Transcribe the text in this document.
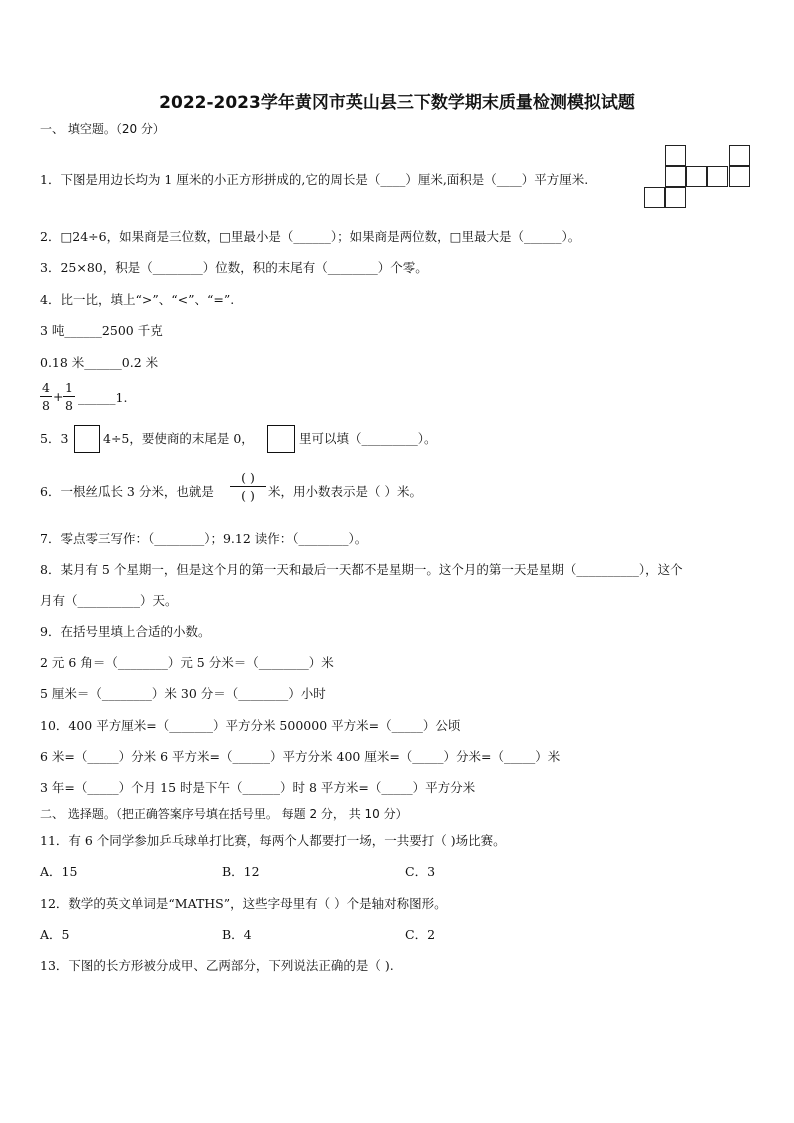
2022-2023学年黄冈市英山县三下数学期末质量检测模拟试题
一、 填空题。（20 分）
1．下图是用边长均为 1 厘米的小正方形拼成的,它的周长是（____）厘米,面积是（____）平方厘米.
2．□24÷6，如果商是三位数，□里最小是（______）；如果商是两位数，□里最大是（______）。
3．25×80，积是（________）位数，积的末尾有（________）个零。
4．比一比，填上“>”、“<”、“=”.
3 吨______2500 千克
0.18 米______0.2 米
4
8
+
1
8
______1.
5．3	4÷5，要使商的末尾是 0，	里可以填（_________）。
6．一根丝瓜长 3 分米，也就是
( )
( )	米，用小数表示是（ ）米。
7．零点零三写作：（________）；9.12 读作：（________）。
8．某月有 5 个星期一，但是这个月的第一天和最后一天都不是星期一。这个月的第一天是星期（__________），这个
月有（__________）天。
9．在括号里填上合适的小数。
2 元 6 角＝（________）元 5 分米＝（________）米
5 厘米＝（________）米 30 分＝（________）小时
10．400 平方厘米=（_______）平方分米 500000 平方米=（_____）公顷
6 米=（_____）分米 6 平方米=（______）平方分米 400 厘米=（_____）分米=（_____）米
3 年=（_____）个月 15 时是下午（______）时 8 平方米=（_____）平方分米
二、 选择题。（把正确答案序号填在括号里。 每题 2 分， 共 10 分）
11．有 6 个同学参加乒乓球单打比赛，每两个人都要打一场，一共要打（ )场比赛。
A．15	B．12	C．3
12．数学的英文单词是“MATHS”，这些字母里有（ ）个是轴对称图形。
A．5	B．4	C．2
13．下图的长方形被分成甲、乙两部分，下列说法正确的是（ ).
